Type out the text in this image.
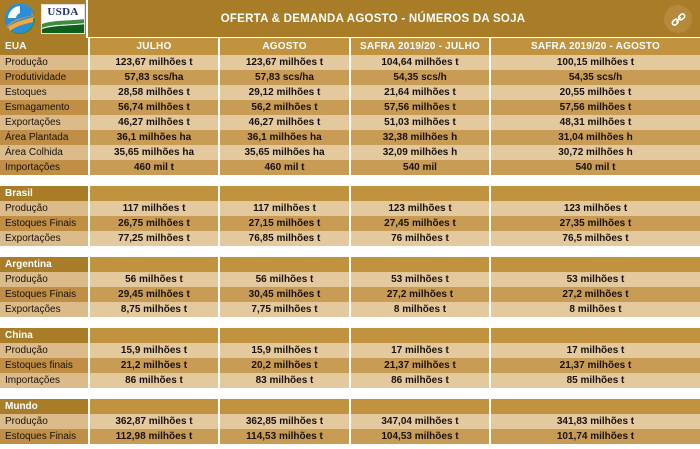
USDA
OFERTA & DEMANDA AGOSTO - NÚMEROS DA SOJA
EUA	JULHO	AGOSTO	SAFRA 2019/20 - JULHO	SAFRA 2019/20 - AGOSTO
Produção	123,67 milhões t	123,67 milhões t	104,64 milhões t	100,15 milhões t
Produtividade	57,83 scs/ha	57,83 scs/ha	54,35 scs/h	54,35 scs/h
Estoques	28,58 milhões t	29,12 milhões t	21,64 milhões t	20,55 milhões t
Esmagamento	56,74 milhões t	56,2 milhões t	57,56 milhões t	57,56 milhões t
Exportações	46,27 milhões t	46,27 milhões t	51,03 milhões t	48,31 milhões t
Área Plantada	36,1 milhões ha	36,1 milhões ha	32,38 milhões h	31,04 milhões h
Área Colhida	35,65 milhões ha	35,65 milhões ha	32,09 milhões h	30,72 milhões h
Importações	460 mil t	460 mil t	540 mil	540 mil t

Brasil				
Produção	117 milhões t	117 milhões t	123 milhões t	123 milhões t
Estoques Finais	26,75 milhões t	27,15 milhões t	27,45 milhões t	27,35 milhões t
Exportações	77,25 milhões t	76,85 milhões t	76 milhões t	76,5 milhões t

Argentina				
Produção	56 milhões t	56 milhões t	53 milhões t	53 milhões t
Estoques Finais	29,45 milhões t	30,45 milhões t	27,2 milhões t	27,2 milhões t
Exportações	8,75 milhões t	7,75 milhões t	8 milhões t	8 milhões t

China				
Produção	15,9 milhões t	15,9 milhões t	17 milhões t	17 milhões t
Estoques finais	21,2 milhões t	20,2 milhões t	21,37 milhões t	21,37 milhões t
Importações	86 milhões t	83 milhões t	86 milhões t	85 milhões t

Mundo				
Produção	362,87 milhões t	362,85 milhões t	347,04 milhões t	341,83 milhões t
Estoques Finais	112,98 milhões t	114,53 milhões t	104,53 milhões t	101,74 milhões t
